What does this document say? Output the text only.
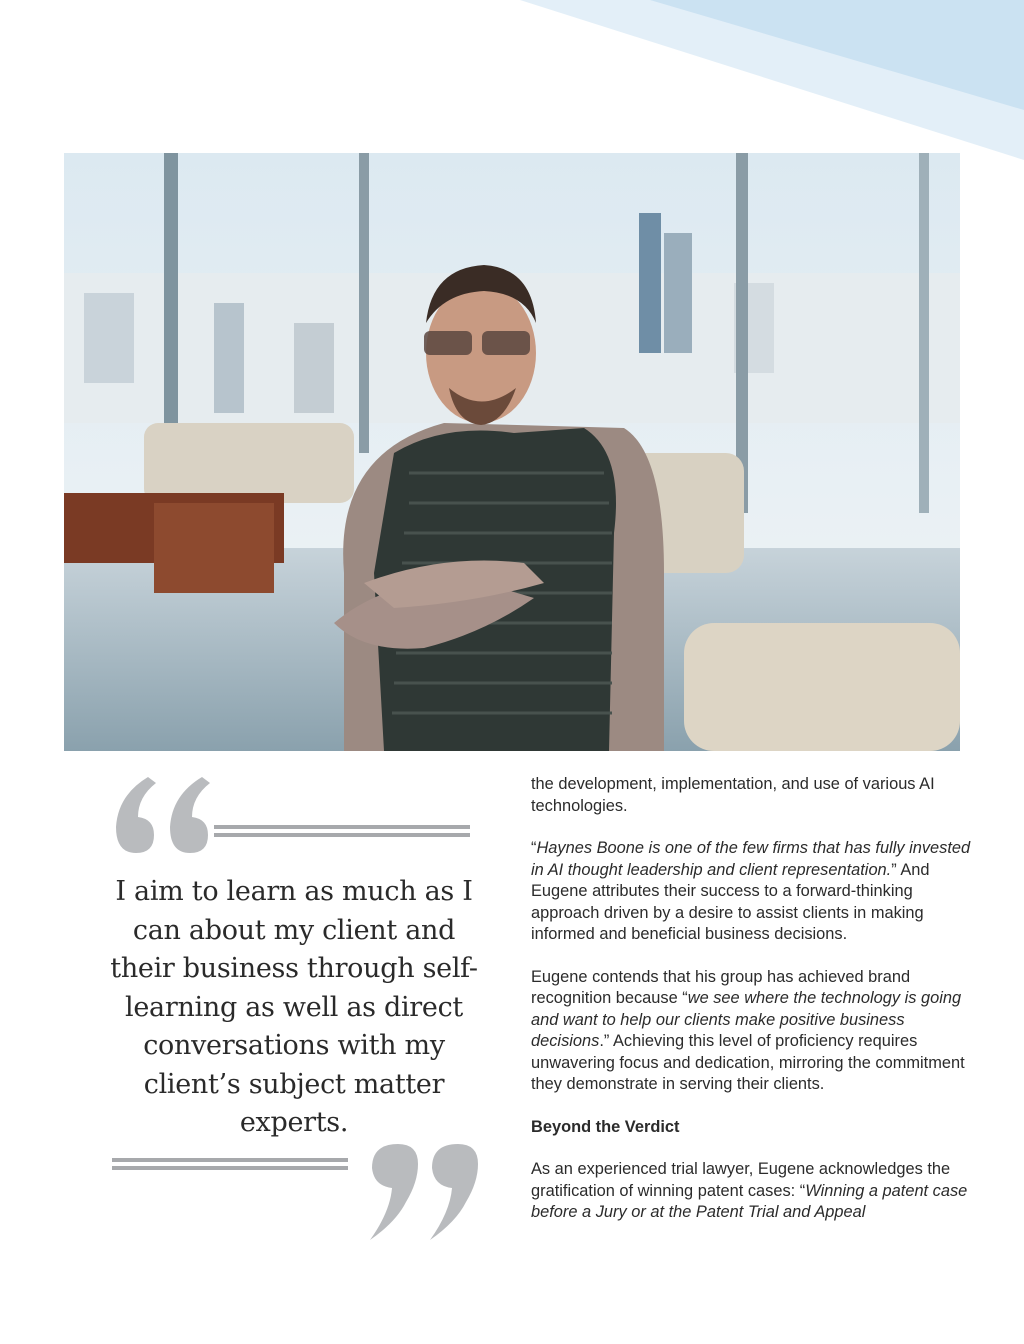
I aim to learn as much as I can about my client and their business through self-learning as well as direct conversations with my client’s subject matter experts.

the development, implementation, and use of various AI technologies.

“Haynes Boone is one of the few firms that has fully invested in AI thought leadership and client representation.” And Eugene attributes their success to a forward-thinking approach driven by a desire to assist clients in making informed and beneficial business decisions.

Eugene contends that his group has achieved brand recognition because “we see where the technology is going and want to help our clients make positive business decisions.” Achieving this level of proficiency requires unwavering focus and dedication, mirroring the commitment they demonstrate in serving their clients.

Beyond the Verdict

As an experienced trial lawyer, Eugene acknowledges the gratification of winning patent cases: “Winning a patent case before a Jury or at the Patent Trial and Appeal
